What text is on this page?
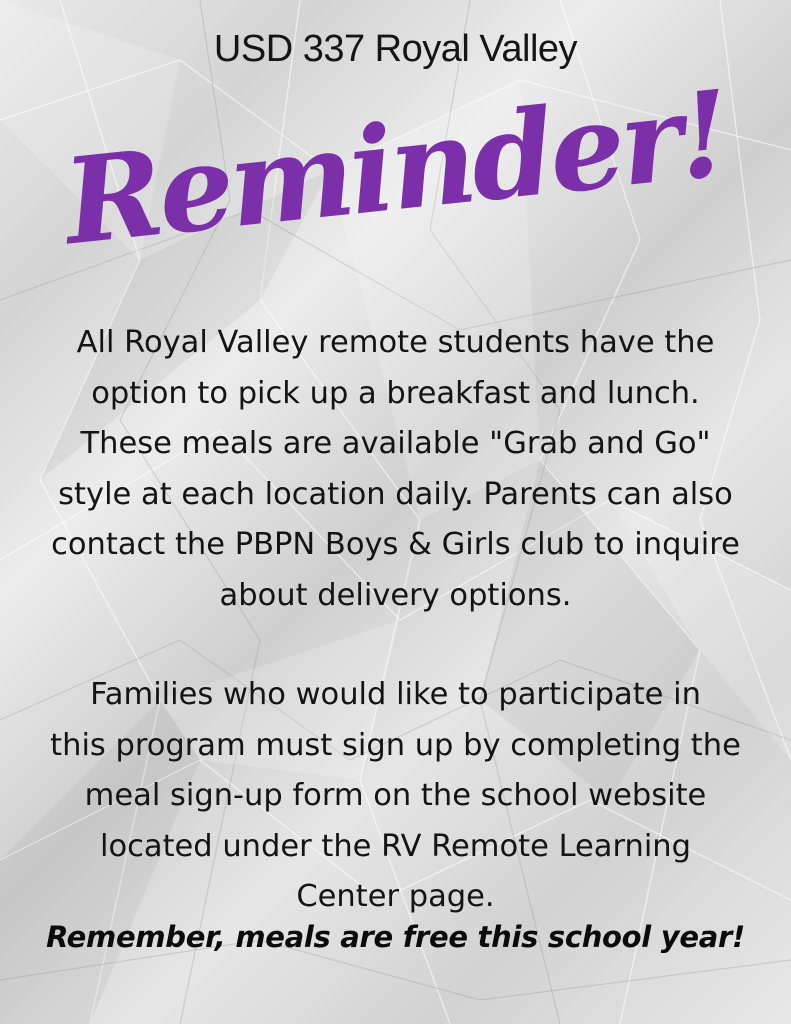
USD 337 Royal Valley
Reminder!
All Royal Valley remote students have the
option to pick up a breakfast and lunch.
These meals are available "Grab and Go"
style at each location daily. Parents can also
contact the PBPN Boys & Girls club to inquire
about delivery options.
Families who would like to participate in
this program must sign up by completing the
meal sign-up form on the school website
located under the RV Remote Learning
Center page.
Remember, meals are free this school year!
